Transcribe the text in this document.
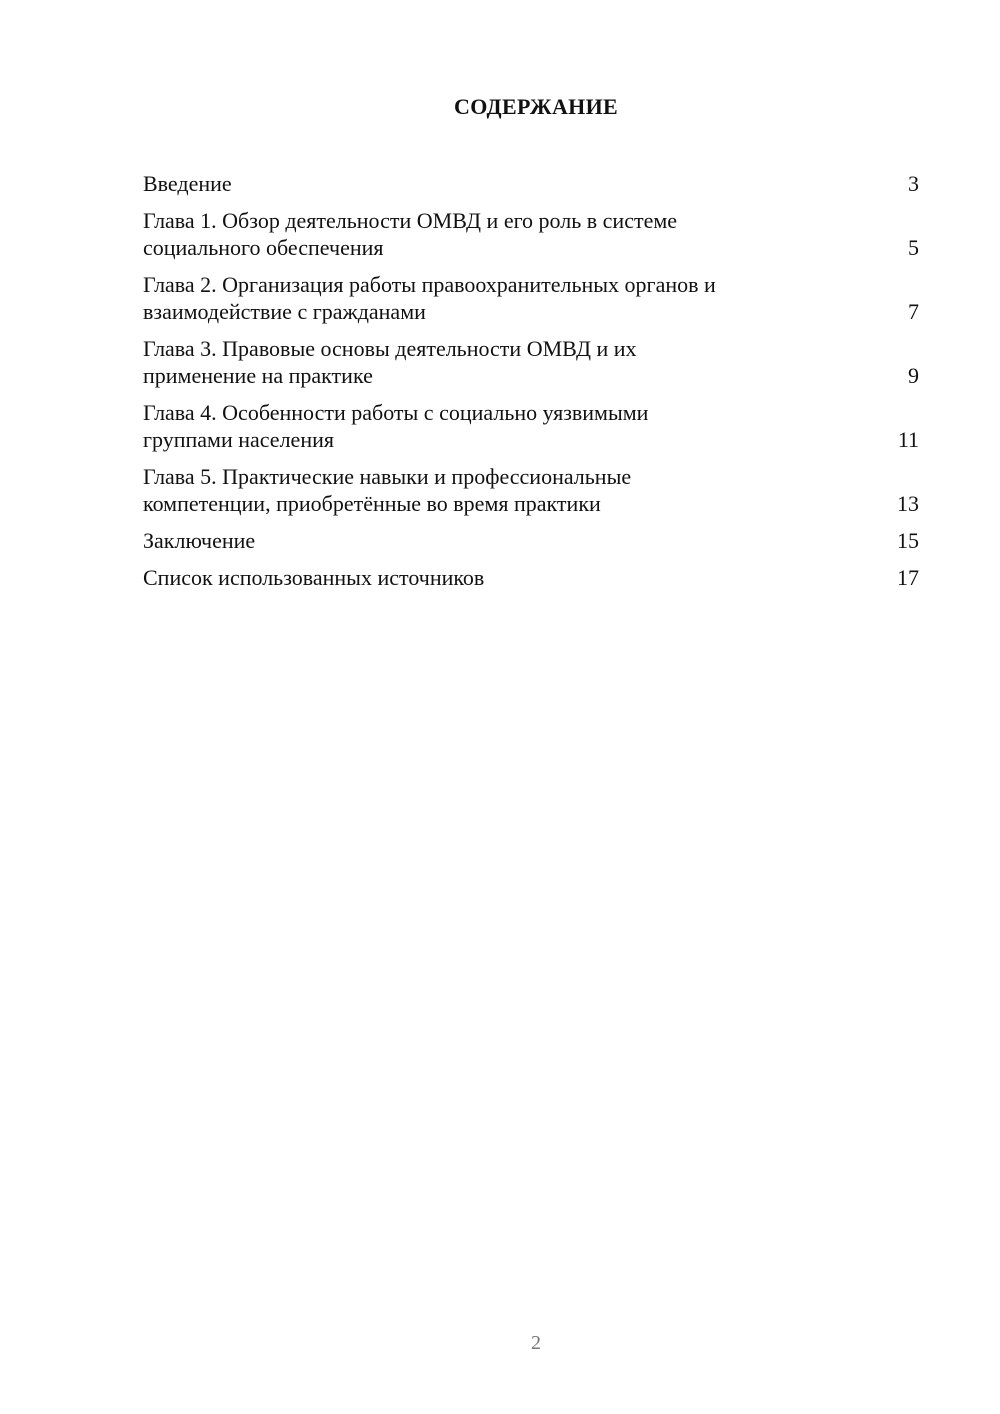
СОДЕРЖАНИЕ
Введение	3
Глава 1. Обзор деятельности ОМВД и его роль в системе
социального обеспечения	5
Глава 2. Организация работы правоохранительных органов и
взаимодействие с гражданами	7
Глава 3. Правовые основы деятельности ОМВД и их
применение на практике	9
Глава 4. Особенности работы с социально уязвимыми
группами населения	11
Глава 5. Практические навыки и профессиональные
компетенции, приобретённые во время практики	13
Заключение	15
Список использованных источников	17
2
